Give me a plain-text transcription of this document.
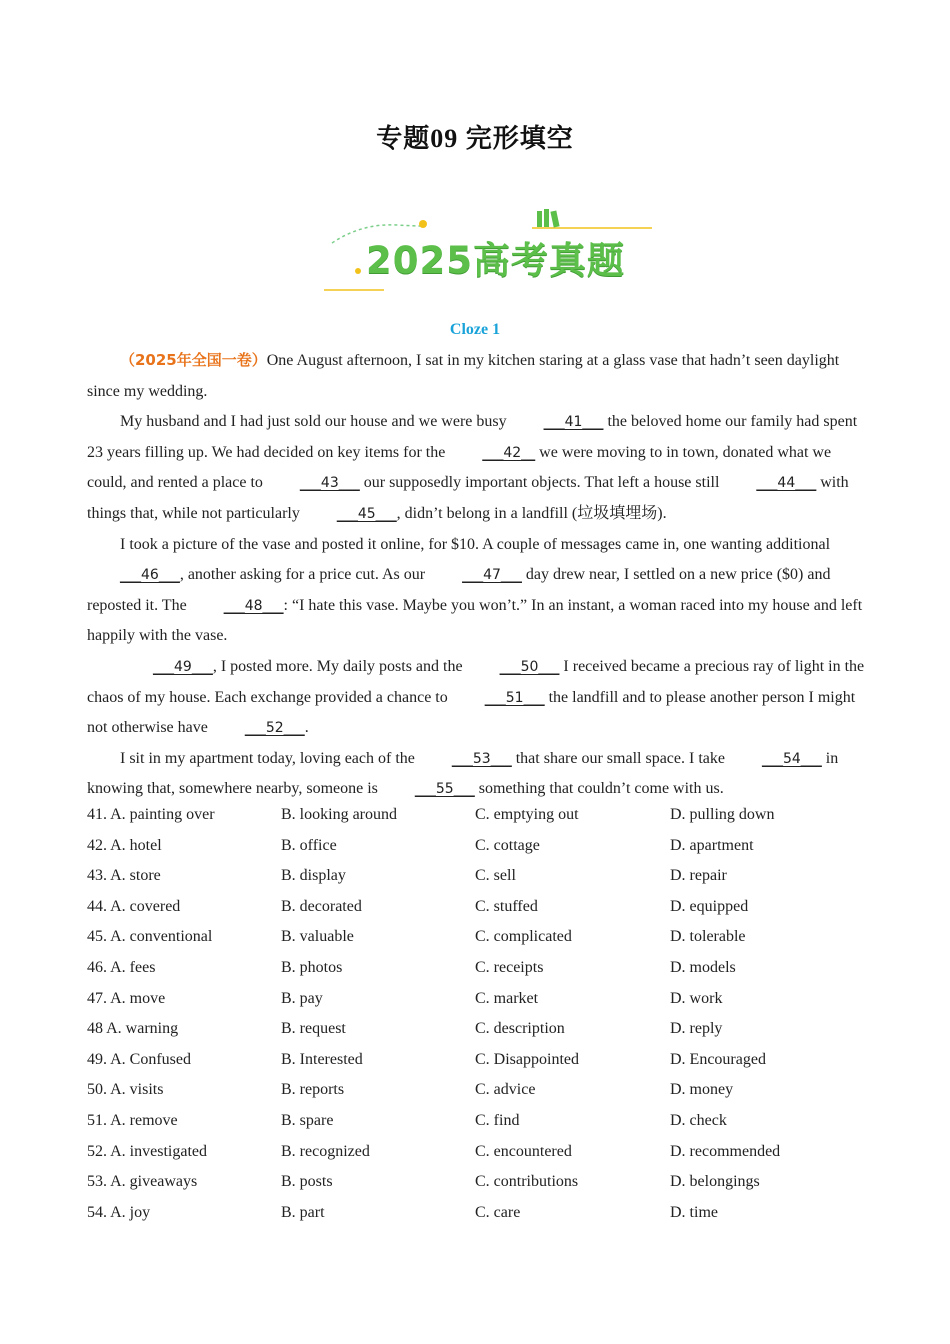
专题09 完形填空
2025高考真题
Cloze 1

（2025年全国一卷）One August afternoon, I sat in my kitchen staring at a glass vase that hadn’t seen daylight since my wedding.

My husband and I had just sold our house and we were busy ___41___ the beloved home our family had spent 23 years filling up. We had decided on key items for the ___42__ we were moving to in town, donated what we could, and rented a place to ___43___ our supposedly important objects. That left a house still ___44___ with things that, while not particularly ___45___, didn’t belong in a landfill (垃圾填埋场).

I took a picture of the vase and posted it online, for $10. A couple of messages came in, one wanting additional ___46___, another asking for a price cut. As our ___47___ day drew near, I settled on a new price ($0) and reposted it. The ___48___: “I hate this vase. Maybe you won’t.” In an instant, a woman raced into my house and left happily with the vase.

___49___, I posted more. My daily posts and the ___50___ I received became a precious ray of light in the chaos of my house. Each exchange provided a chance to ___51___ the landfill and to please another person I might not otherwise have ___52___.

I sit in my apartment today, loving each of the ___53___ that share our small space. I take ___54___ in knowing that, somewhere nearby, someone is ___55___ something that couldn’t come with us.

41. A. painting over	B. looking around	C. emptying out	D. pulling down
42. A. hotel	B. office	C. cottage	D. apartment
43. A. store	B. display	C. sell	D. repair
44. A. covered	B. decorated	C. stuffed	D. equipped
45. A. conventional	B. valuable	C. complicated	D. tolerable
46. A. fees	B. photos	C. receipts	D. models
47. A. move	B. pay	C. market	D. work
48 A. warning	B. request	C. description	D. reply
49. A. Confused	B. Interested	C. Disappointed	D. Encouraged
50. A. visits	B. reports	C. advice	D. money
51. A. remove	B. spare	C. find	D. check
52. A. investigated	B. recognized	C. encountered	D. recommended
53. A. giveaways	B. posts	C. contributions	D. belongings
54. A. joy	B. part	C. care	D. time
